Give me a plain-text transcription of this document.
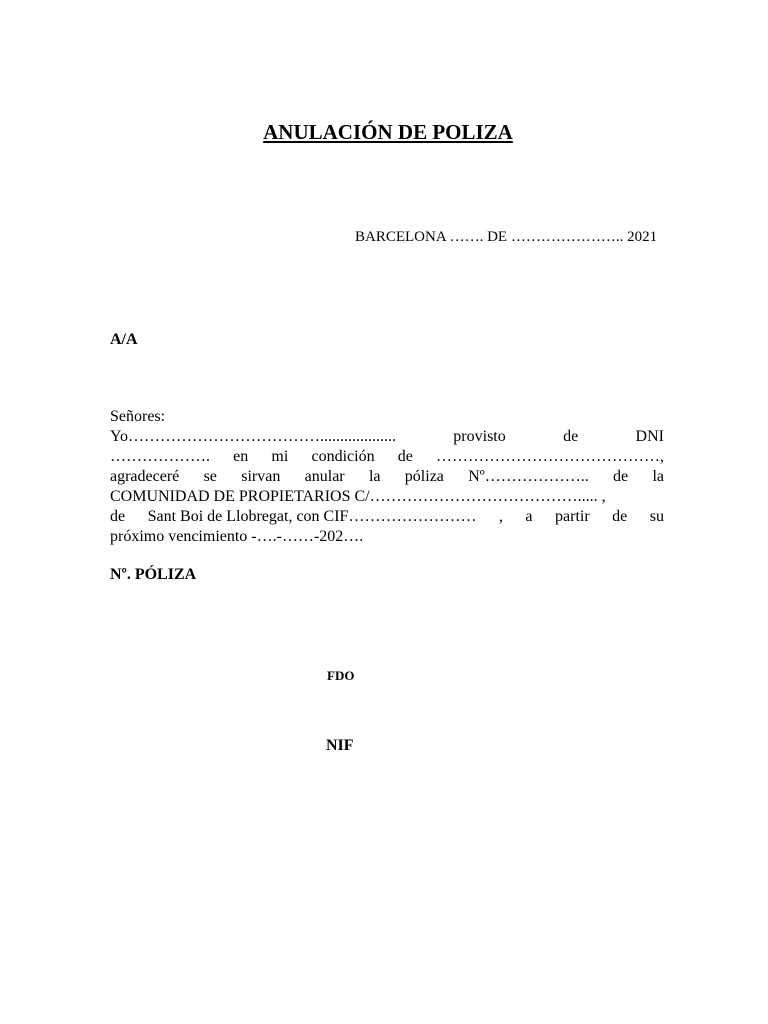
ANULACIÓN DE POLIZA
BARCELONA ……. DE ………………….. 2021
A/A
Señores:
Yo………………………………...................	provisto	de	DNI
………………. en mi condición de ……………………………………,
agradeceré se sirvan anular la póliza Nº……………….. de la
COMUNIDAD DE PROPIETARIOS C/…………………………………..... ,
de Sant Boi de Llobregat, con CIF…………………… , a partir de su
próximo vencimiento -….-……-202….
Nº. PÓLIZA
FDO
NIF
